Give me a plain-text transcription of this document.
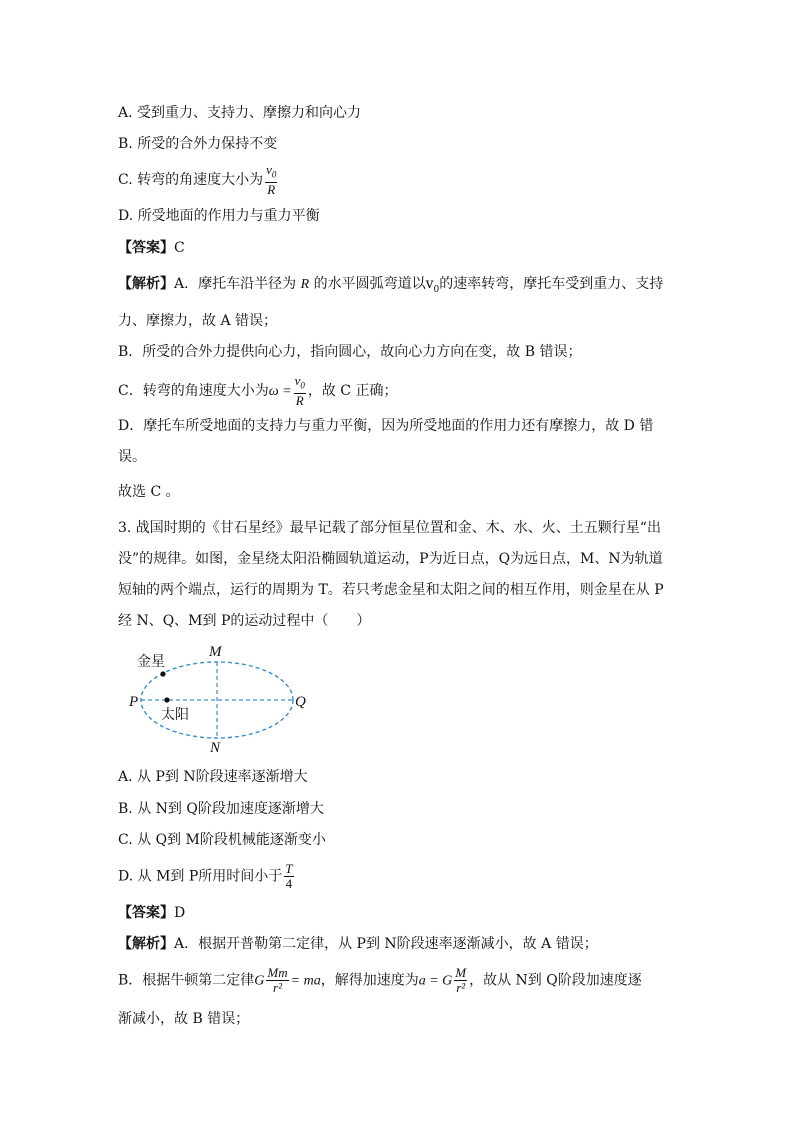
A. 受到重力、支持力、摩擦力和向心力
B. 所受的合外力保持不变
C. 转弯的角速度大小为 $\frac{v_0}{R}$
D. 所受地面的作用力与重力平衡
【答案】C
【解析】A．摩托车沿半径为 R 的水平圆弧弯道以$v_0$的速率转弯，摩托车受到重力、支持
力、摩擦力，故 A 错误；
B．所受的合外力提供向心力，指向圆心，故向心力方向在变，故 B 错误；
C．转弯的角速度大小为$\omega = \frac{v_0}{R}$ ，故 C 正确；
D．摩托车所受地面的支持力与重力平衡，因为所受地面的作用力还有摩擦力，故 D 错
误。
故选 C 。
3. 战国时期的《甘石星经》最早记载了部分恒星位置和金、木、水、火、土五颗行星“出
没”的规律。如图，金星绕太阳沿椭圆轨道运动，P为近日点，Q为远日点，M、N为轨道
短轴的两个端点，运行的周期为 T。若只考虑金星和太阳之间的相互作用，则金星在从 P
经 N、Q、M到 P的运动过程中（　　）
金星
太阳
M
N
P	Q
A. 从 P到 N阶段速率逐渐增大
B. 从 N到 Q阶段加速度逐渐增大
C. 从 Q到 M阶段机械能逐渐变小
D. 从 M到 P所用时间小于 $\frac{T}{4}$
【答案】D
【解析】A．根据开普勒第二定律，从 P到 N阶段速率逐渐减小，故 A 错误；
B．根据牛顿第二定律G $\frac{Mm}{\text{r²}}$ = ma，解得加速度为a = G $\frac{M}{\text{r²}}$ ，故从 N到 Q阶段加速度逐
渐减小，故 B 错误；
